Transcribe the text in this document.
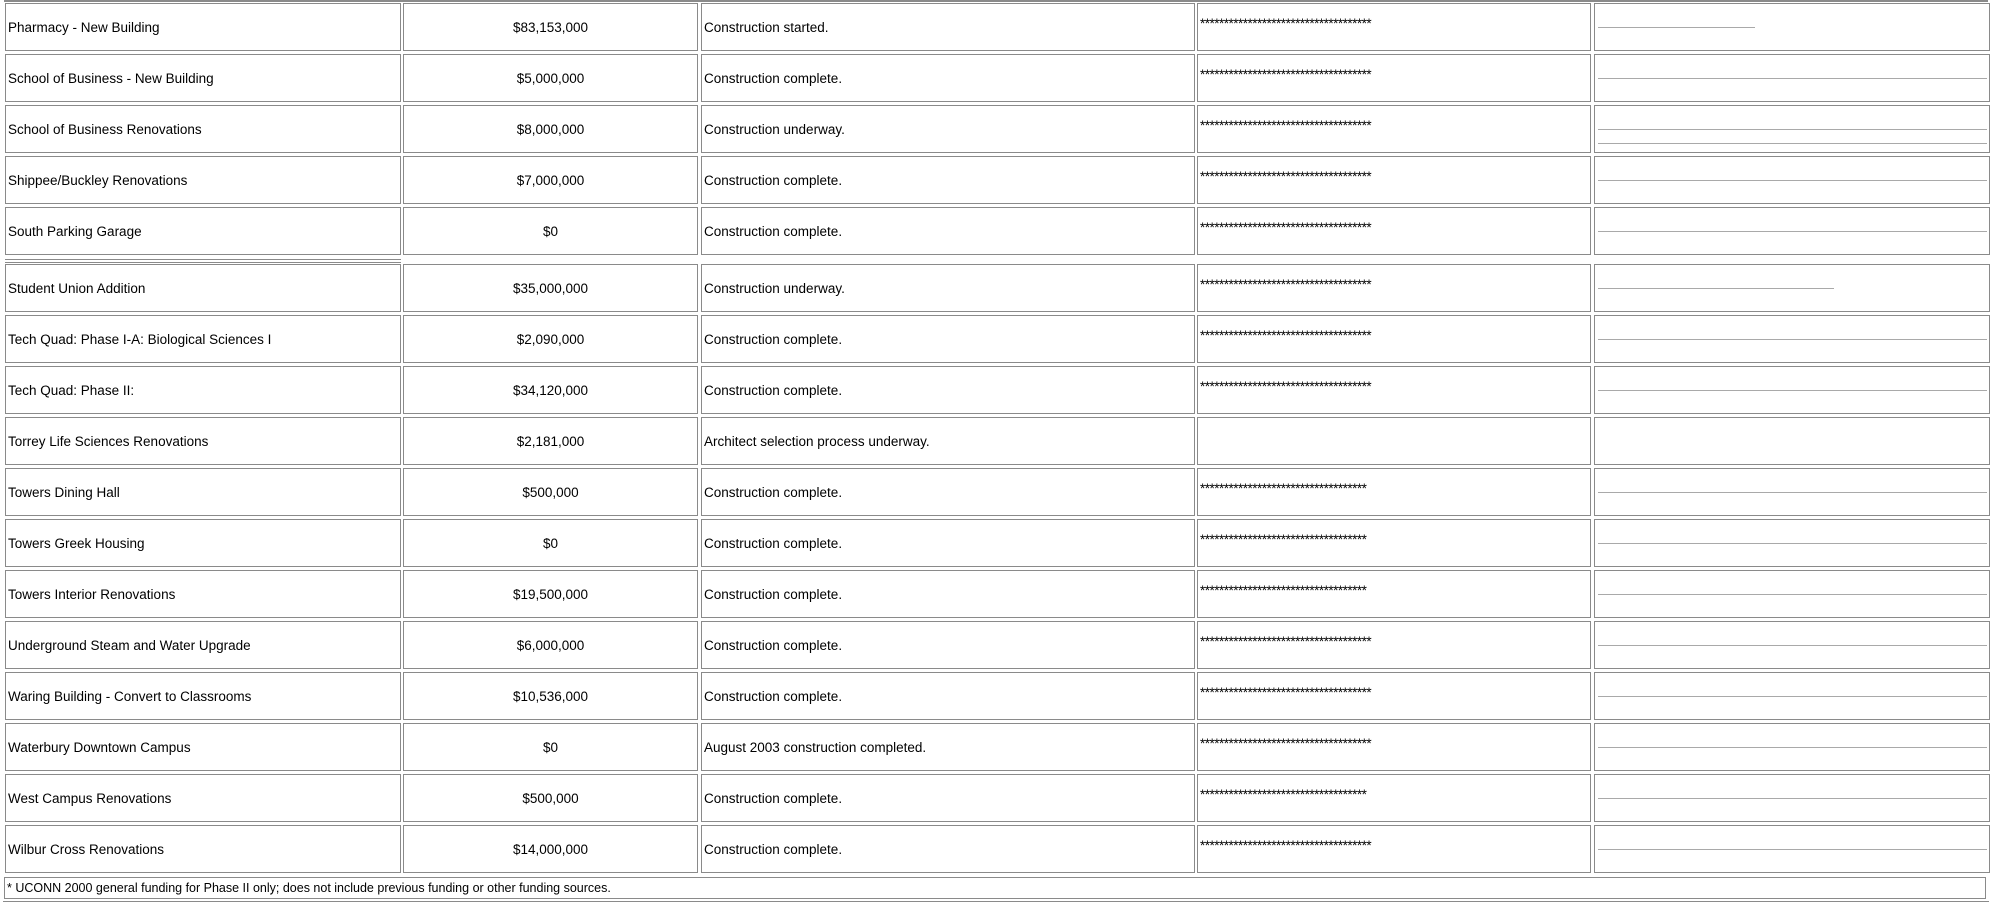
Pharmacy - New Building	$83,153,000	Construction started.	************************************
School of Business - New Building	$5,000,000	Construction complete.	************************************
School of Business Renovations	$8,000,000	Construction underway.	************************************
Shippee/Buckley Renovations	$7,000,000	Construction complete.	************************************
South Parking Garage	$0	Construction complete.	************************************
Student Union Addition	$35,000,000	Construction underway.	************************************
Tech Quad: Phase I-A: Biological Sciences I	$2,090,000	Construction complete.	************************************
Tech Quad: Phase II:	$34,120,000	Construction complete.	************************************
Torrey Life Sciences Renovations	$2,181,000	Architect selection process underway.
Towers Dining Hall	$500,000	Construction complete.	***********************************
Towers Greek Housing	$0	Construction complete.	***********************************
Towers Interior Renovations	$19,500,000	Construction complete.	***********************************
Underground Steam and Water Upgrade	$6,000,000	Construction complete.	************************************
Waring Building - Convert to Classrooms	$10,536,000	Construction complete.	************************************
Waterbury Downtown Campus	$0	August 2003 construction completed.	************************************
West Campus Renovations	$500,000	Construction complete.	***********************************
Wilbur Cross Renovations	$14,000,000	Construction complete.	************************************
* UCONN 2000 general funding for Phase II only; does not include previous funding or other funding sources.
